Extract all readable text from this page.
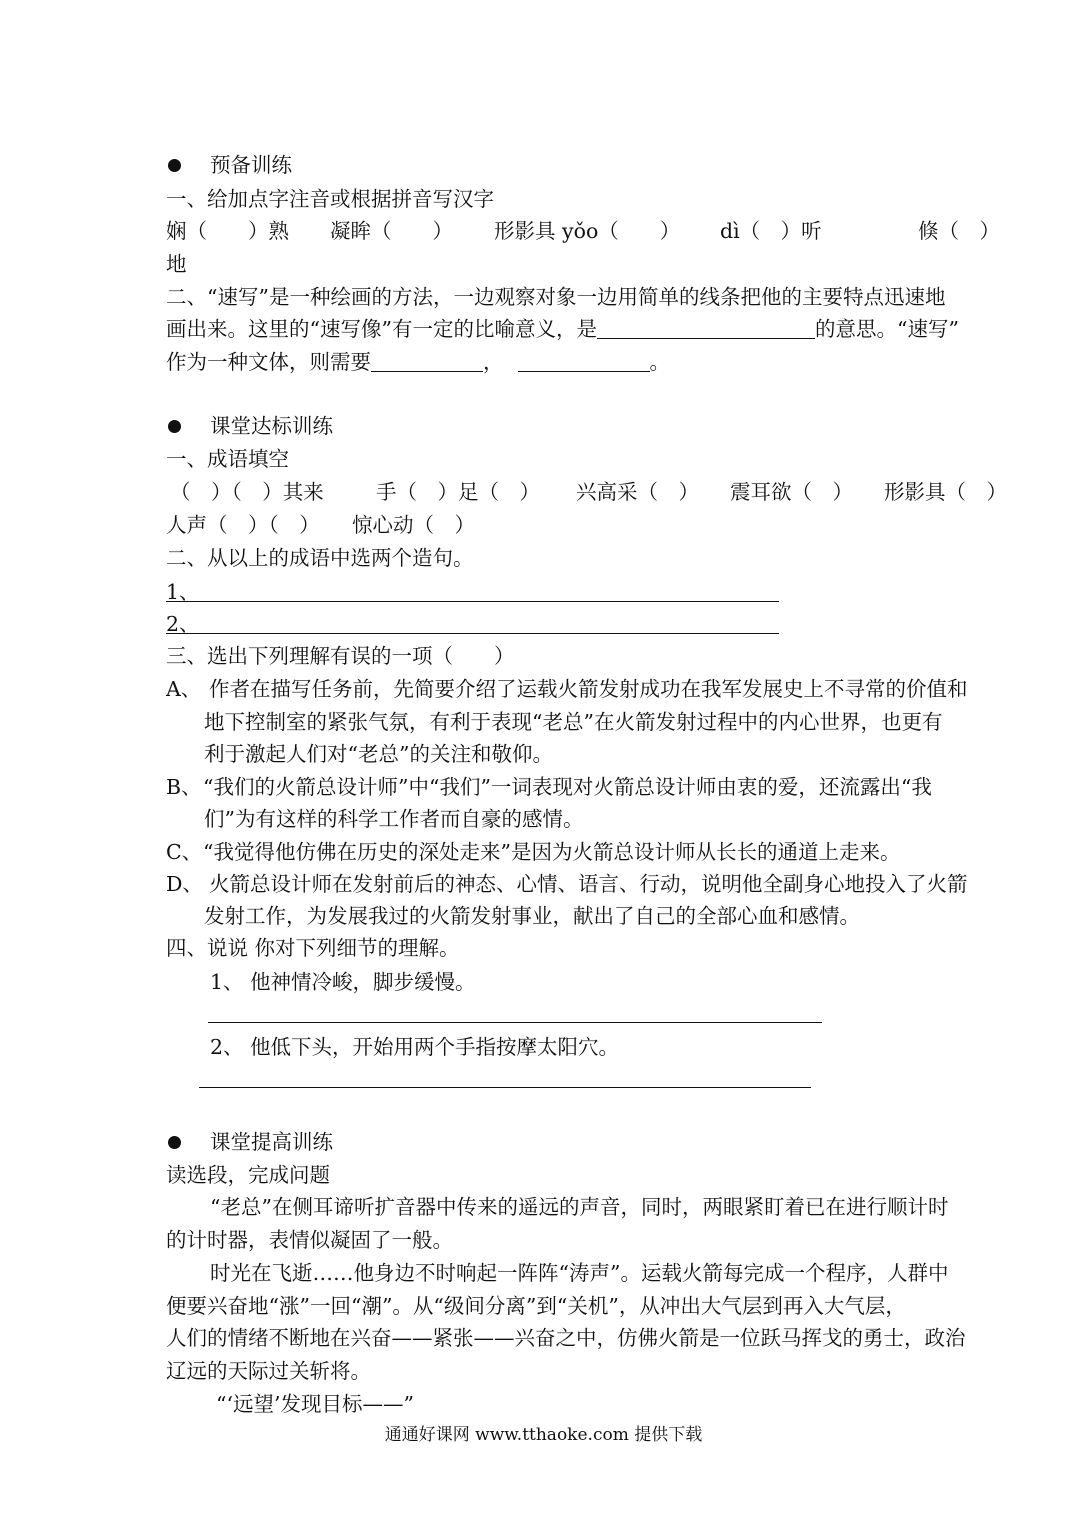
预备训练
一、给加点字注音或根据拼音写汉字
娴（　　）熟 凝眸（　　） 形影具 yǒo（　　） dì（　）听	倏（　）
地
二、“速写”是一种绘画的方法，一边观察对象一边用简单的线条把他的主要特点迅速地
画出来。这里的“速写像”有一定的比喻意义，是	的意思。“速写”
作为一种文体，则需要	，	。
课堂达标训练
一、成语填空
（　）（　）其来	手（　）足（　） 兴高采（　） 震耳欲（　） 形影具（　）
人声（　）（　） 惊心动（　）
二、从以上的成语中选两个造句。
1、
2、
三、选出下列理解有误的一项（　　）
A、 作者在描写任务前，先简要介绍了运载火箭发射成功在我军发展史上不寻常的价值和
地下控制室的紧张气氛，有利于表现“老总”在火箭发射过程中的内心世界，也更有
利于激起人们对“老总”的关注和敬仰。
B、 “我们的火箭总设计师”中“我们”一词表现对火箭总设计师由衷的爱，还流露出“我
们”为有这样的科学工作者而自豪的感情。
C、 “我觉得他仿佛在历史的深处走来”是因为火箭总设计师从长长的通道上走来。
D、 火箭总设计师在发射前后的神态、心情、语言、行动，说明他全副身心地投入了火箭
发射工作，为发展我过的火箭发射事业，献出了自己的全部心血和感情。
四、说说 你对下列细节的理解。
1、 他神情冷峻，脚步缓慢。
2、 他低下头，开始用两个手指按摩太阳穴。
课堂提高训练
读选段，完成问题
“老总”在侧耳谛听扩音器中传来的遥远的声音，同时，两眼紧盯着已在进行顺计时
的计时器，表情似凝固了一般。
时光在飞逝……他身边不时响起一阵阵“涛声”。运载火箭每完成一个程序，人群中
便要兴奋地“涨”一回“潮”。从“级间分离”到“关机”，从冲出大气层到再入大气层，
人们的情绪不断地在兴奋——紧张——兴奋之中，仿佛火箭是一位跃马挥戈的勇士，政治
辽远的天际过关斩将。
“‘远望’发现目标——”
通通好课网 www.tthaoke.com 提供下载
